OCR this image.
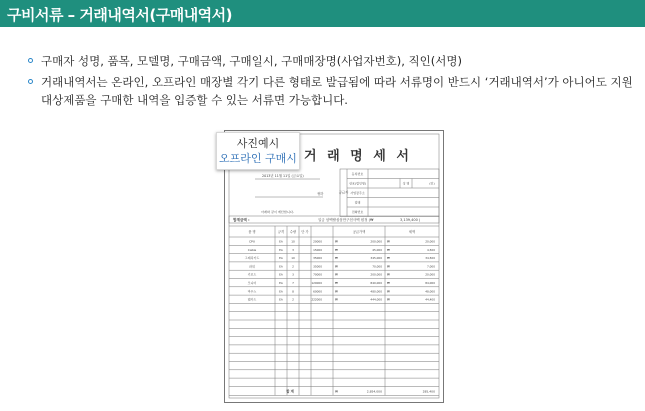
구비서류 – 거래내역서(구매내역서)
구매자 성명, 품목, 모델명, 구매금액, 구매일시, 구매매장명(사업자번호), 직인(서명)
거래내역서는 온라인, 오프라인 매장별 각기 다른 형태로 발급됨에 따라 서류명이 반드시 ‘거래내역서’가 아니어도 지원 대상제품을 구매한 내역을 입증할 수 있는 서류면 가능합니다.
사진예시
오프라인 구매시 거 래 명 세 서
2013년 11월 11일 (금요일)
귀하
아래와 같이 계산합니다.
공급자
등록번호
상호(법인명)	성 명	(인)
사업장주소
업태
전화번호
합계금액 :	일금 삼백팔십삼만구천사백 원정 (₩	3,139,400 )
품 명	규격 수량 단 가	공급가액	세액
CPU	EA	10	20000	₩	200,000 ₩	20,000
Cable	EA	3	15000	₩	45,000 ₩	4,500
그래픽카드	EA	10	35000	₩	345,000 ₩	34,500
파워	EA	2	35000	₩	70,000 ₩	7,000
키보드	EA	3	70000	₩	200,000 ₩	20,000
모니터	EA	7	120000	₩	840,000 ₩	84,000
마우스	EA	8	60000	₩	480,000 ₩	48,000
램카드	EA	2	222000	₩	444,000 ₩	44,400
합 계	₩	2,854,000	285,400
